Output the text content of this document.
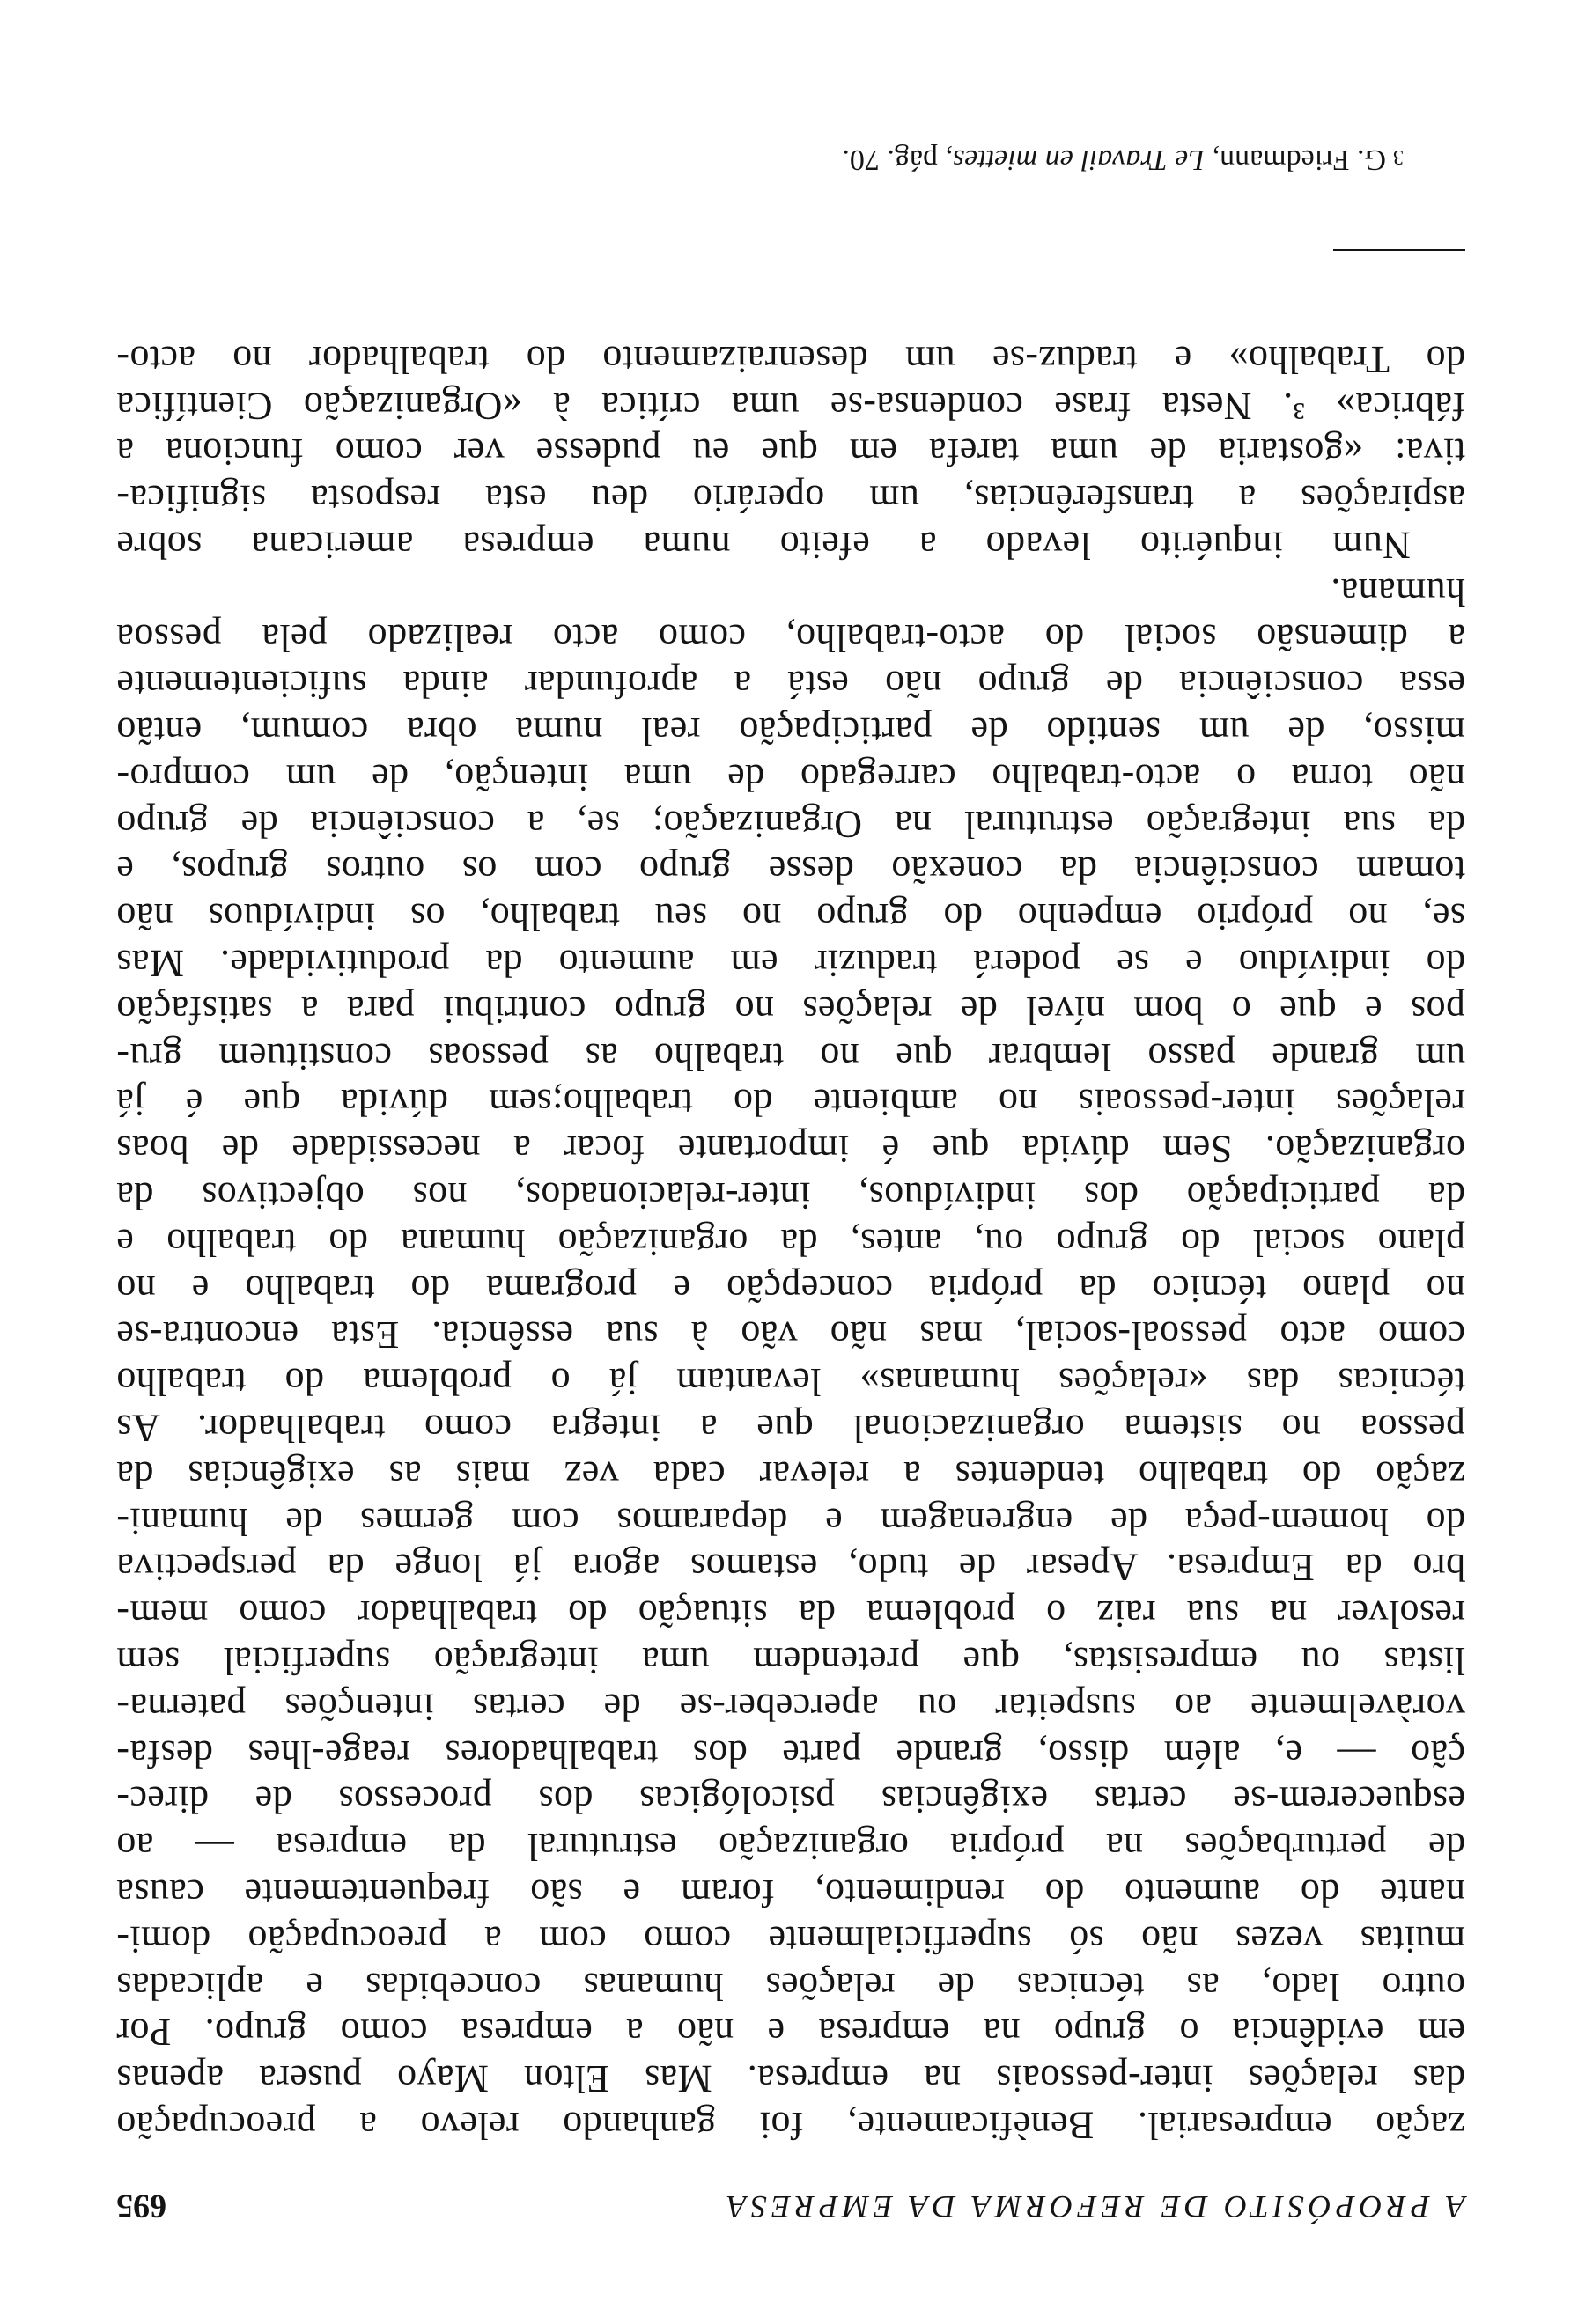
A PROPÓSITO DE REFORMA DA EMPRESA
695
zação empresarial. Benèficamente, foi ganhando relevo a preocupação
das relações inter-pessoais na empresa. Mas Elton Mayo pusera apenas
em evidência o grupo na empresa e não a empresa como grupo. Por
outro lado, as técnicas de relações humanas concebidas e aplicadas
muitas vezes não só superficialmente como com a preocupação domi-
nante do aumento do rendimento, foram e são frequentemente causa
de perturbações na própria organização estrutural da empresa — ao
esquecerem-se certas exigências psicológicas dos processos de direc-
ção — e, além disso, grande parte dos trabalhadores reage-lhes desfa-
voràvelmente ao suspeitar ou aperceber-se de certas intenções paterna-
listas ou empresistas, que pretendem uma integração superficial sem
resolver na sua raiz o problema da situação do trabalhador como mem-
bro da Empresa. Apesar de tudo, estamos agora já longe da perspectiva
do homem-peça de engrenagem e deparamos com germes de humani-
zação do trabalho tendentes a relevar cada vez mais as exigências da
pessoa no sistema organizacional que a integra como trabalhador. As
técnicas das «relações humanas» levantam já o problema do trabalho
como acto pessoal-social, mas não vão à sua essência. Esta encontra-se
no plano técnico da própria concepção e programa do trabalho e no
plano social do grupo ou, antes, da organização humana do trabalho e
da participação dos indivíduos, inter-relacionados, nos objectivos da
organização. Sem dúvida que é importante focar a necessidade de boas
relações inter-pessoais no ambiente do trabalho;sem dúvida que é já
um grande passo lembrar que no trabalho as pessoas constituem gru-
pos e que o bom nível de relações no grupo contribui para a satisfação
do indivíduo e se poderá traduzir em aumento da produtividade. Mas
se, no próprio empenho do grupo no seu trabalho, os indivíduos não
tomam consciência da conexão desse grupo com os outros grupos, e
da sua integração estrutural na Organização; se, a consciência de grupo
não torna o acto-trabalho carregado de uma intenção, de um compro-
misso, de um sentido de participação real numa obra comum, então
essa consciência de grupo não está a aprofundar ainda suficientemente
a dimensão social do acto-trabalho, como acto realizado pela pessoa
humana.
Num inquérito levado a efeito numa empresa americana sobre
aspirações a transferências, um operário deu esta resposta significa-
tiva: «gostaria de uma tarefa em que eu pudesse ver como funciona a
fábrica» ³. Nesta frase condensa-se uma crítica à «Organização Científica
do Trabalho» e traduz-se um desenraizamento do trabalhador no acto-
3G. Friedmann, Le Travail en miettes, pág. 70.
